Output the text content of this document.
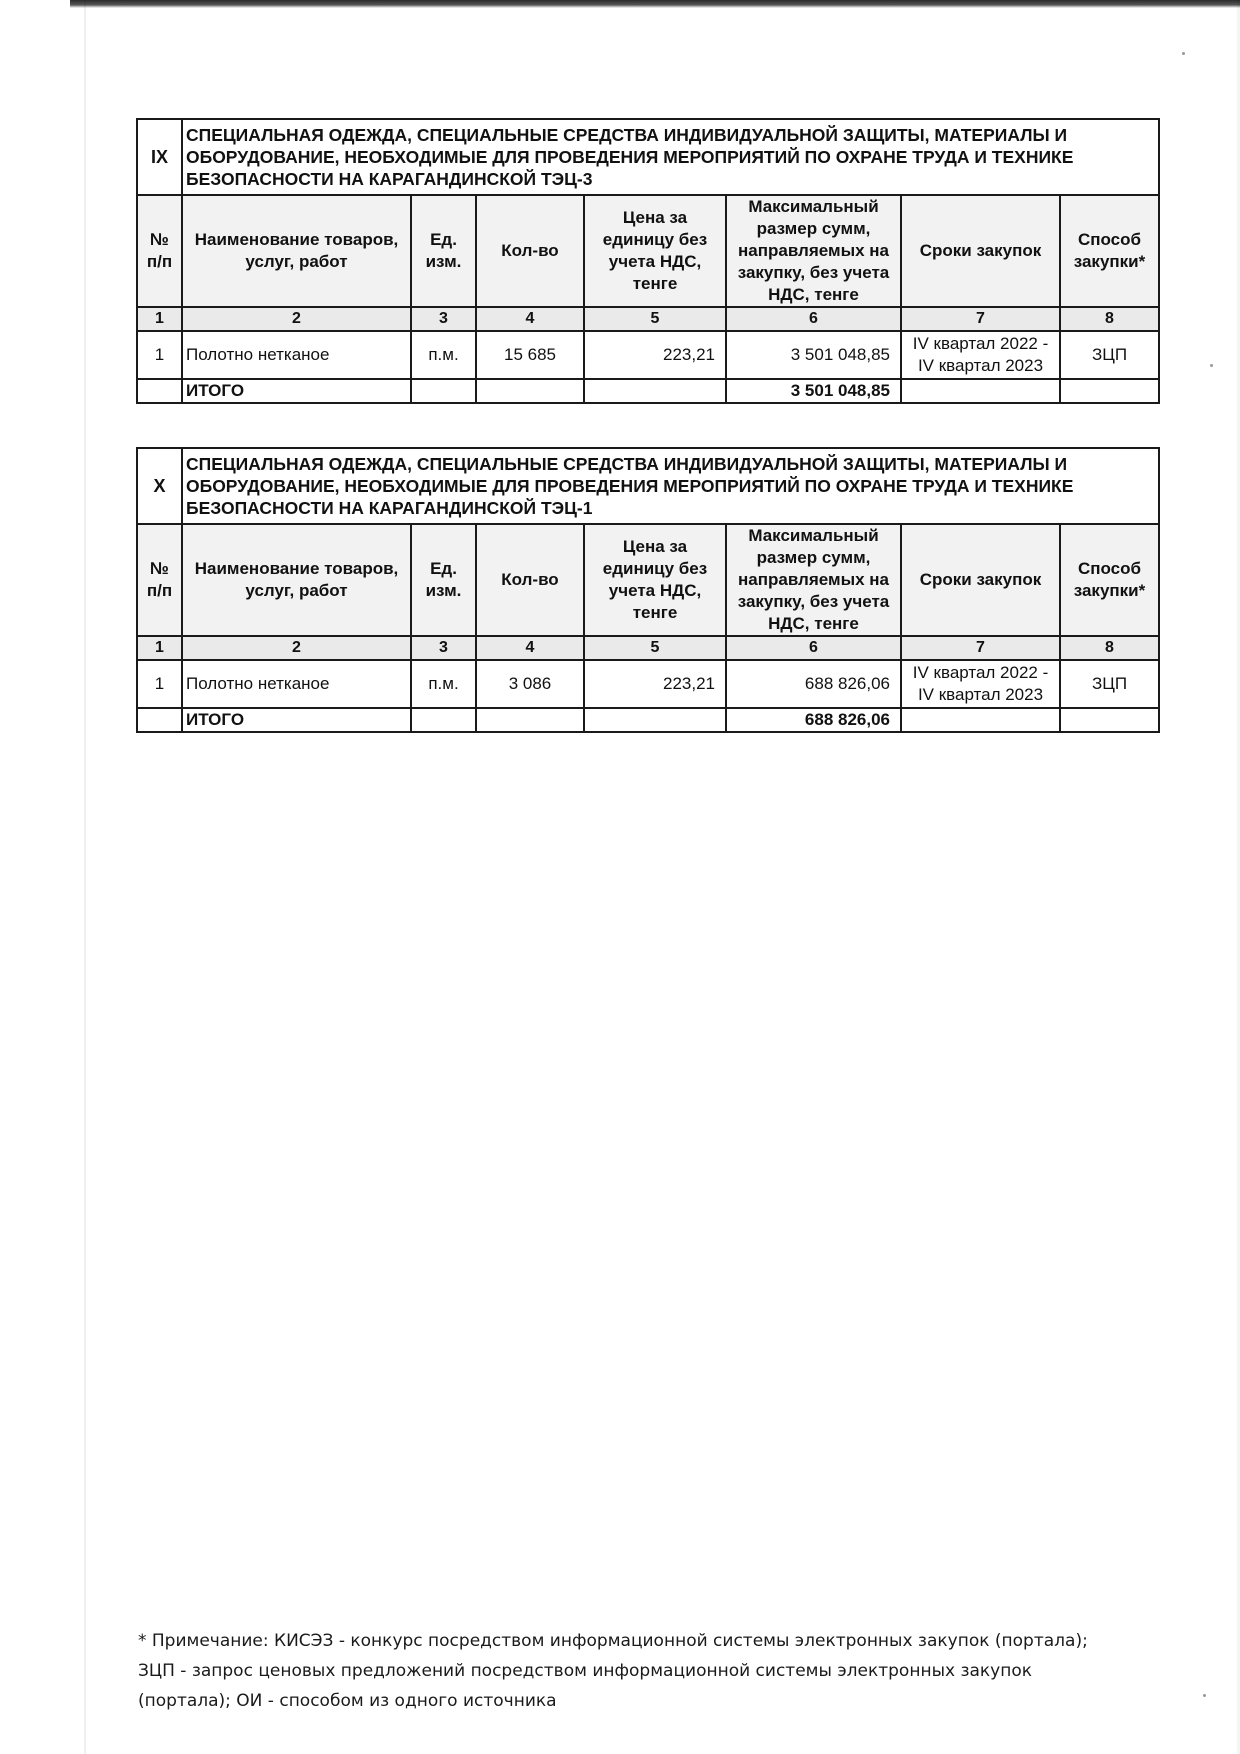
IX	СПЕЦИАЛЬНАЯ ОДЕЖДА, СПЕЦИАЛЬНЫЕ СРЕДСТВА ИНДИВИДУАЛЬНОЙ ЗАЩИТЫ, МАТЕРИАЛЫ И ОБОРУДОВАНИЕ, НЕОБХОДИМЫЕ ДЛЯ ПРОВЕДЕНИЯ МЕРОПРИЯТИЙ ПО ОХРАНЕ ТРУДА И ТЕХНИКЕ БЕЗОПАСНОСТИ НА КАРАГАНДИНСКОЙ ТЭЦ-3						
№ п/п	Наименование товаров, услуг, работ	Ед. изм.	Кол-во	Цена за единицу без учета НДС, тенге	Максимальный размер сумм, направляемых на закупку, без учета НДС, тенге	Сроки закупок	Способ закупки*
1	2	3	4	5	6	7	8
1	Полотно нетканое	п.м.	15 685	223,21	3 501 048,85	IV квартал 2022 - IV квартал 2023	ЗЦП
	ИТОГО				3 501 048,85		
X	СПЕЦИАЛЬНАЯ ОДЕЖДА, СПЕЦИАЛЬНЫЕ СРЕДСТВА ИНДИВИДУАЛЬНОЙ ЗАЩИТЫ, МАТЕРИАЛЫ И ОБОРУДОВАНИЕ, НЕОБХОДИМЫЕ ДЛЯ ПРОВЕДЕНИЯ МЕРОПРИЯТИЙ ПО ОХРАНЕ ТРУДА И ТЕХНИКЕ БЕЗОПАСНОСТИ НА КАРАГАНДИНСКОЙ ТЭЦ-1						
№ п/п	Наименование товаров, услуг, работ	Ед. изм.	Кол-во	Цена за единицу без учета НДС, тенге	Максимальный размер сумм, направляемых на закупку, без учета НДС, тенге	Сроки закупок	Способ закупки*
1	2	3	4	5	6	7	8
1	Полотно нетканое	п.м.	3 086	223,21	688 826,06	IV квартал 2022 - IV квартал 2023	ЗЦП
	ИТОГО				688 826,06		

* Примечание: КИСЭЗ - конкурс посредством информационной системы электронных закупок (портала);

ЗЦП - запрос ценовых предложений посредством информационной системы электронных закупок

(портала); ОИ - способом из одного источника
